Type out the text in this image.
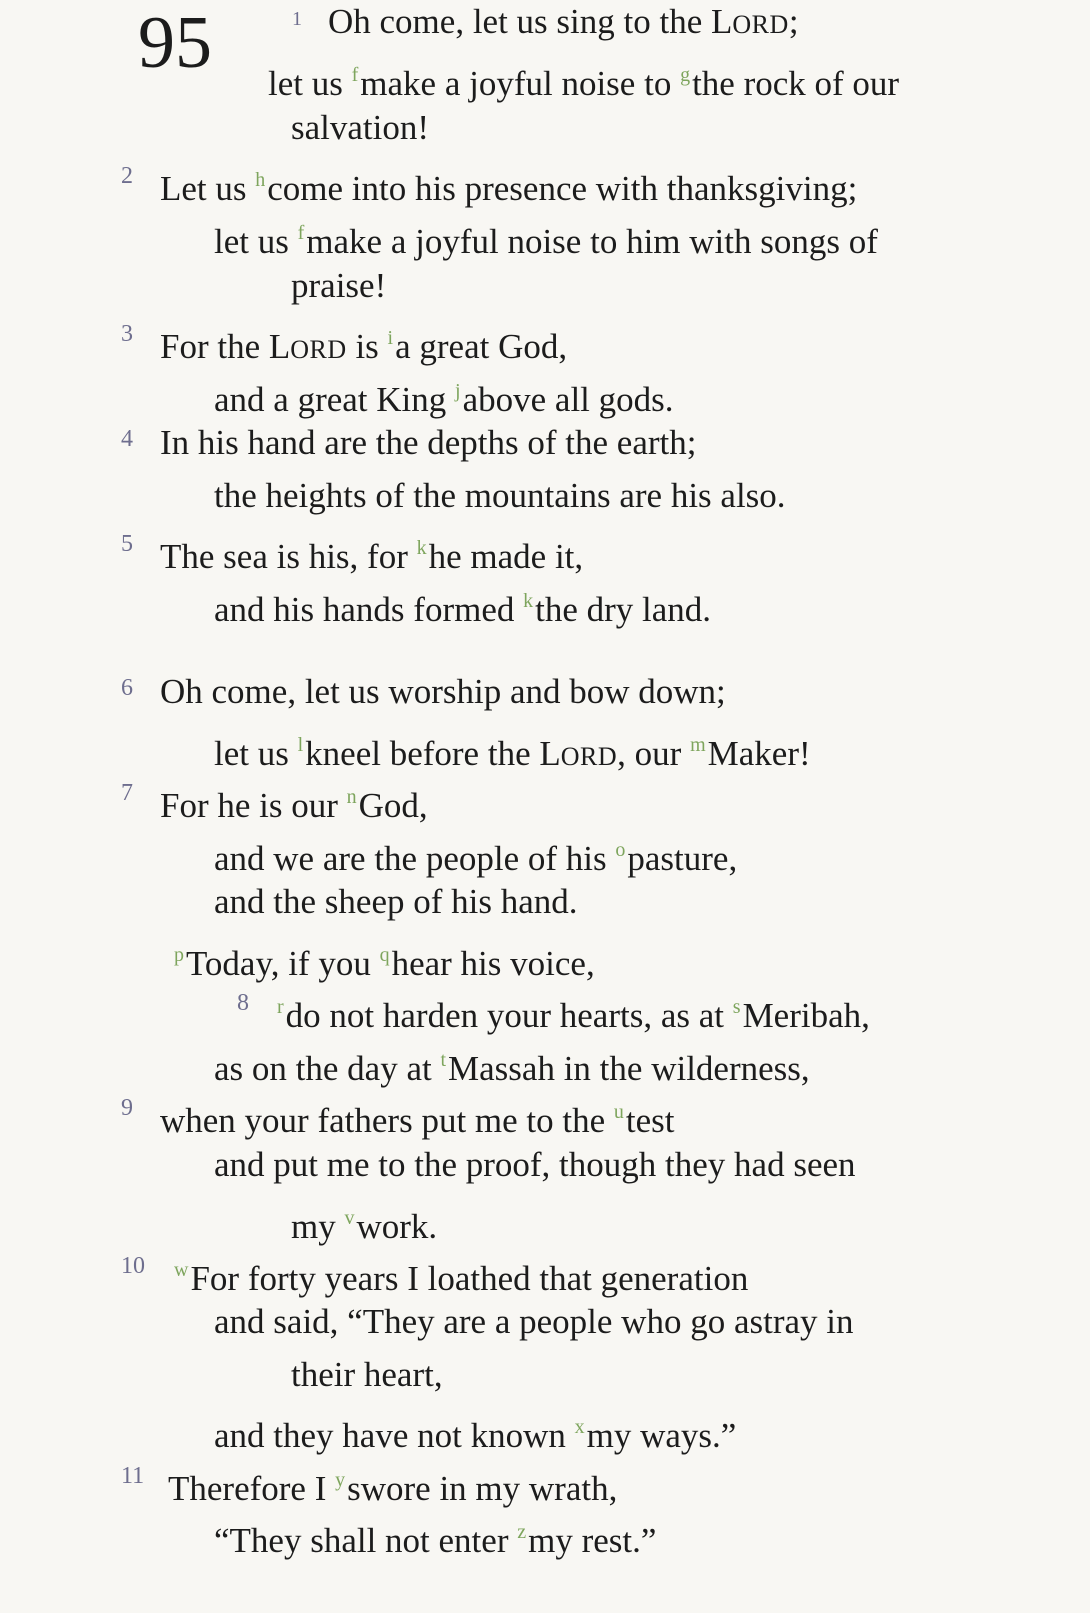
95	1 Oh come, let us sing to the LORD;
let us $^f$make a joyful noise to $^g$the rock of our
salvation!
2 Let us $^h$come into his presence with thanksgiving;
let us $^f$make a joyful noise to him with songs of
praise!
3 For the LORD is $^i$a great God,
and a great King $^j$above all gods.
4 In his hand are the depths of the earth;
the heights of the mountains are his also.
5 The sea is his, for $^k$he made it,
and his hands formed $^k$the dry land.
6 Oh come, let us worship and bow down;
let us $^l$kneel before the LORD, our $^m$Maker!
7 For he is our $^n$God,
and we are the people of his $^o$pasture,
and the sheep of his hand.
$^p$Today, if you $^q$hear his voice,
8 $^r$do not harden your hearts, as at $^s$Meribah,
as on the day at $^t$Massah in the wilderness,
9 when your fathers put me to the $^u$test
and put me to the proof, though they had seen
my $^v$work.
10 $^w$For forty years I loathed that generation
and said, “They are a people who go astray in
their heart,
and they have not known $^x$my ways.”
11 Therefore I $^y$swore in my wrath,
“They shall not enter $^z$my rest.”
